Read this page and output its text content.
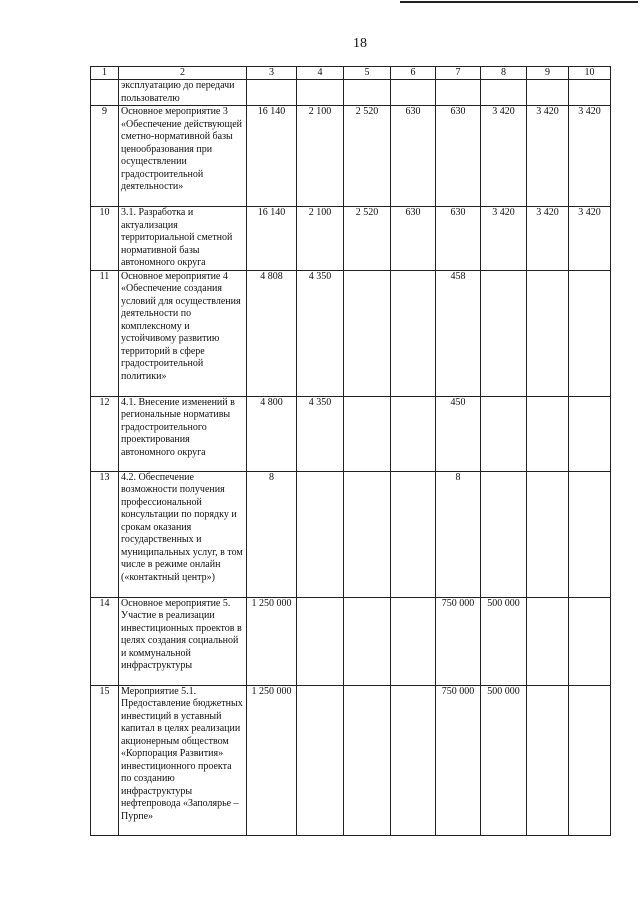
18
1	2	3	4	5	6	7	8	9	10
	эксплуатацию до передачи пользователю								
9	Основное мероприятие 3 «Обеспечение действующей сметно-нормативной базы ценообразования при осуществлении градостроительной деятельности»	16 140	2 100	2 520	630	630	3 420	3 420	3 420
10	3.1. Разработка и актуализация территориальной сметной нормативной базы автономного округа	16 140	2 100	2 520	630	630	3 420	3 420	3 420
11	Основное мероприятие 4 «Обеспечение создания условий для осуществления деятельности по комплексному и устойчивому развитию территорий в сфере градостроительной политики»	4 808	4 350			458			
12	4.1. Внесение изменений в региональные нормативы градостроительного проектирования автономного округа	4 800	4 350			450			
13	4.2. Обеспечение возможности получения профессиональной консультации по порядку и срокам оказания государственных и муниципальных услуг, в том числе в режиме онлайн («контактный центр»)	8				8			
14	Основное мероприятие 5. Участие в реализации инвестиционных проектов в целях создания социальной и коммунальной инфраструктуры	1 250 000				750 000	500 000		
15	Мероприятие 5.1. Предоставление бюджетных инвестиций в уставный капитал в целях реализации акционерным обществом «Корпорация Развития» инвестиционного проекта по созданию инфраструктуры нефтепровода «Заполярье – Пурпе»	1 250 000				750 000	500 000		
